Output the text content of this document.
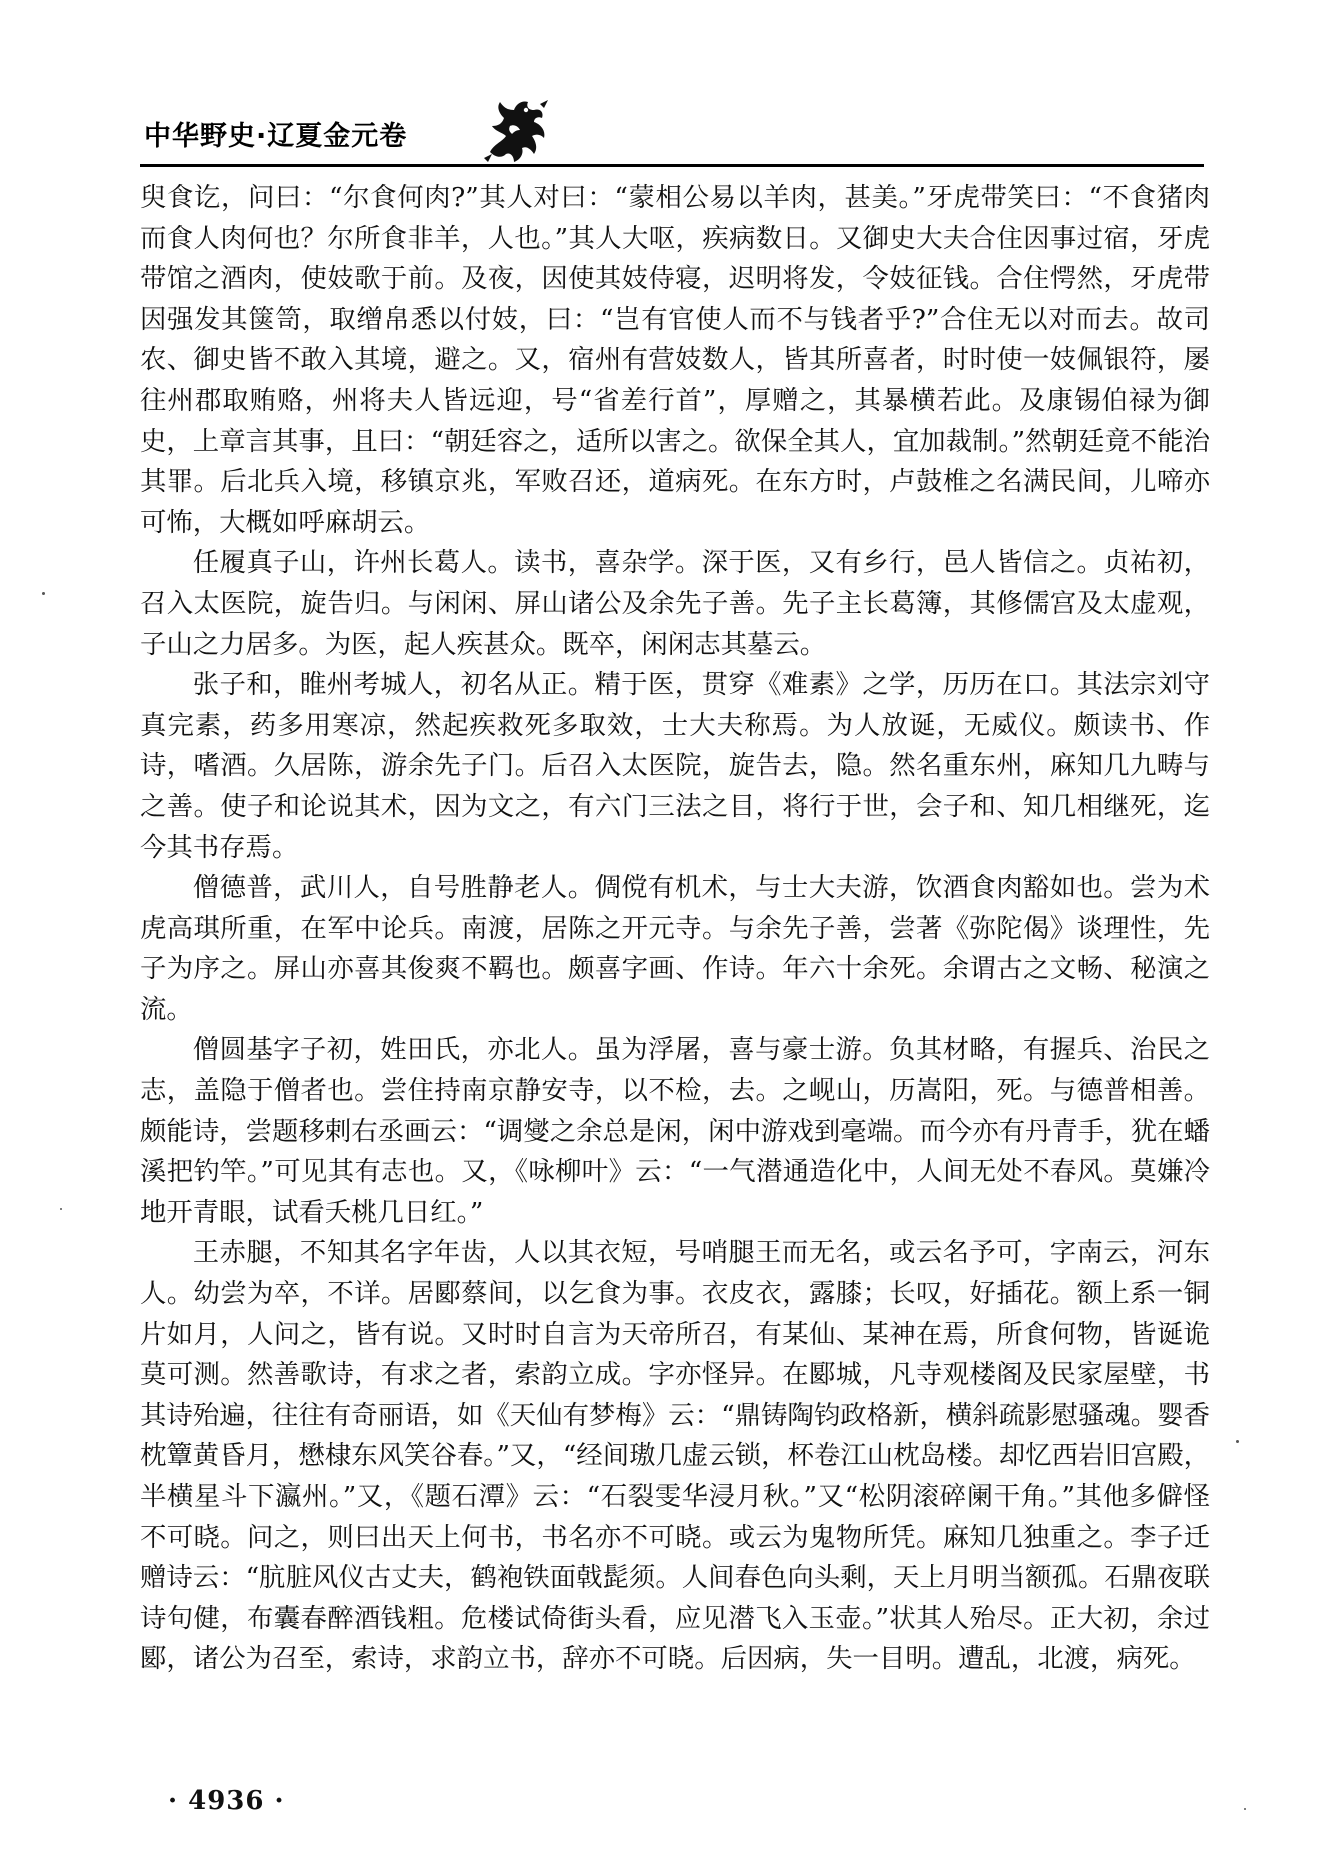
中华野史·辽夏金元卷

臾食讫，问曰：“尔食何肉?”其人对曰：“蒙相公易以羊肉，甚美。”牙虎带笑曰：“不食猪肉而食人肉何也？尔所食非羊，人也。”其人大呕，疾病数日。又御史大夫合住因事过宿，牙虎带馆之酒肉，使妓歌于前。及夜，因使其妓侍寝，迟明将发，令妓征钱。合住愕然，牙虎带因强发其箧笥，取缯帛悉以付妓，曰：“岂有官使人而不与钱者乎?”合住无以对而去。故司农、御史皆不敢入其境，避之。又，宿州有营妓数人，皆其所喜者，时时使一妓佩银符，屡往州郡取贿赂，州将夫人皆远迎，号“省差行首”，厚赠之，其暴横若此。及康锡伯禄为御史，上章言其事，且曰：“朝廷容之，适所以害之。欲保全其人，宜加裁制。”然朝廷竟不能治其罪。后北兵入境，移镇京兆，军败召还，道病死。在东方时，卢鼓椎之名满民间，儿啼亦可怖，大概如呼麻胡云。

任履真子山，许州长葛人。读书，喜杂学。深于医，又有乡行，邑人皆信之。贞祐初，召入太医院，旋告归。与闲闲、屏山诸公及余先子善。先子主长葛簿，其修儒宫及太虚观，子山之力居多。为医，起人疾甚众。既卒，闲闲志其墓云。

张子和，睢州考城人，初名从正。精于医，贯穿《难素》之学，历历在口。其法宗刘守真完素，药多用寒凉，然起疾救死多取效，士大夫称焉。为人放诞，无威仪。颇读书、作诗，嗜酒。久居陈，游余先子门。后召入太医院，旋告去，隐。然名重东州，麻知几九畴与之善。使子和论说其术，因为文之，有六门三法之目，将行于世，会子和、知几相继死，迄今其书存焉。

僧德普，武川人，自号胜静老人。倜傥有机术，与士大夫游，饮酒食肉豁如也。尝为术虎高琪所重，在军中论兵。南渡，居陈之开元寺。与余先子善，尝著《弥陀偈》谈理性，先子为序之。屏山亦喜其俊爽不羁也。颇喜字画、作诗。年六十余死。余谓古之文畅、秘演之流。

僧圆基字子初，姓田氏，亦北人。虽为浮屠，喜与豪士游。负其材略，有握兵、治民之志，盖隐于僧者也。尝住持南京静安寺，以不检，去。之岘山，历嵩阳，死。与德普相善。颇能诗，尝题移剌右丞画云：“调燮之余总是闲，闲中游戏到毫端。而今亦有丹青手，犹在蟠溪把钓竿。”可见其有志也。又，《咏柳叶》云：“一气潜通造化中，人间无处不春风。莫嫌冷地开青眼，试看夭桃几日红。”

王赤腿，不知其名字年齿，人以其衣短，号哨腿王而无名，或云名予可，字南云，河东人。幼尝为卒，不详。居郾蔡间，以乞食为事。衣皮衣，露膝；长叹，好插花。额上系一铜片如月，人问之，皆有说。又时时自言为天帝所召，有某仙、某神在焉，所食何物，皆诞诡莫可测。然善歌诗，有求之者，索韵立成。字亦怪异。在郾城，凡寺观楼阁及民家屋壁，书其诗殆遍，往往有奇丽语，如《天仙有梦梅》云：“鼎铸陶钧政格新，横斜疏影慰骚魂。婴香枕簟黄昏月，懋棣东风笑谷春。”又，“经间璈几虚云锁，杯卷江山枕岛楼。却忆西岩旧宫殿，半横星斗下瀛州。”又，《题石潭》云：“石裂雯华浸月秋。”又“松阴滚碎阑干角。”其他多僻怪不可晓。问之，则曰出天上何书，书名亦不可晓。或云为鬼物所凭。麻知几独重之。李子迁赠诗云：“肮脏风仪古丈夫，鹤袍铁面戟髭须。人间春色向头剩，天上月明当额孤。石鼎夜联诗句健，布囊春醉酒钱粗。危楼试倚街头看，应见潜飞入玉壶。”状其人殆尽。正大初，余过郾，诸公为召至，索诗，求韵立书，辞亦不可晓。后因病，失一目明。遭乱，北渡，病死。

· 4936 ·
